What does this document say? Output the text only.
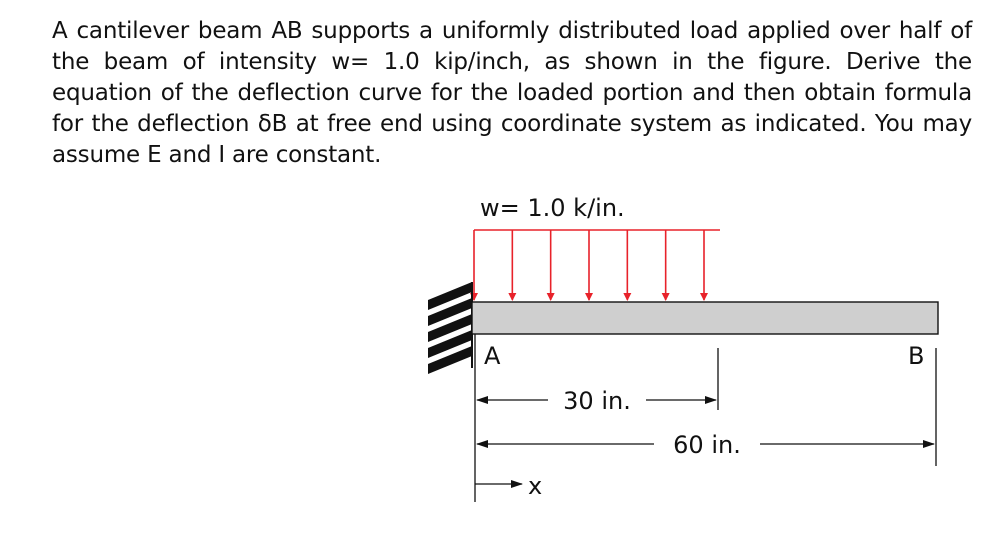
A cantilever beam AB supports a uniformly distributed load applied over half of the beam of intensity w= 1.0 kip/inch, as shown in the figure. Derive the equation of the deflection curve for the loaded portion and then obtain formula for the deflection δB at free end using coordinate system as indicated. You may assume E and I are constant.

w= 1.0 k/in.
A	B
30 in.
60 in.
x
